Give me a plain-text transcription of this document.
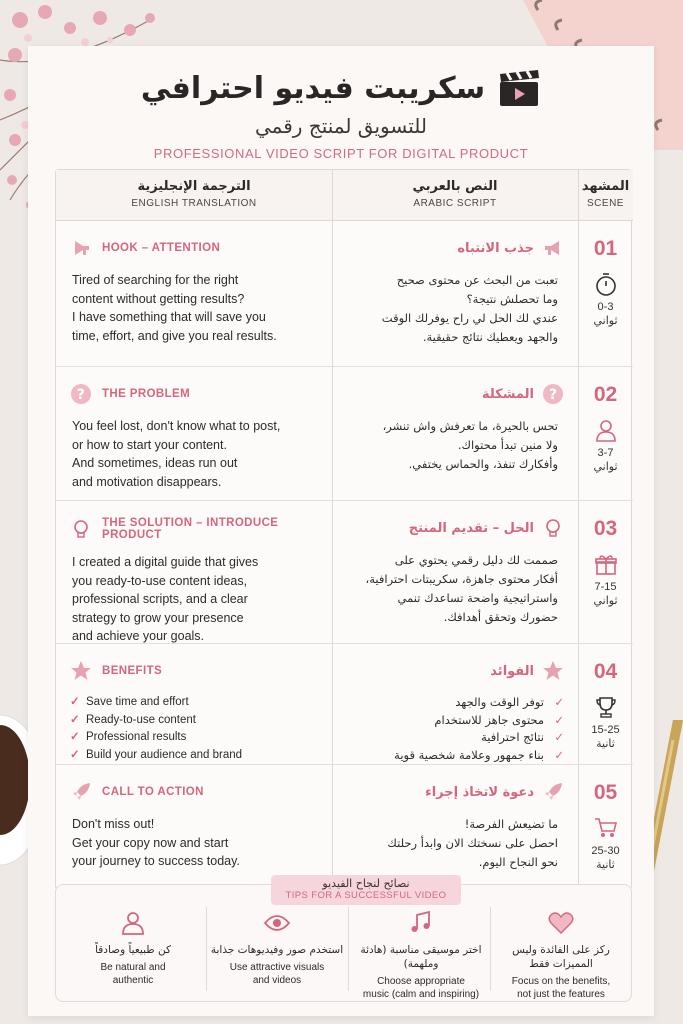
سكريبت فيديو احترافي
للتسويق لمنتج رقمي
PROFESSIONAL VIDEO SCRIPT FOR DIGITAL PRODUCT
المشهد
SCENE
النص بالعربي
ARABIC SCRIPT
الترجمة الإنجليزية
ENGLISH TRANSLATION
01
0-3
ثواني
جذب الانتباه
تعبت من البحث عن محتوى صحيح
وما تحصلش نتيجة؟
عندي لك الحل لي راح يوفرلك الوقت
والجهد ويعطيك نتائج حقيقية.
HOOK – ATTENTION
Tired of searching for the right
content without getting results?
I have something that will save you
time, effort, and give you real results.
02
3-7
ثواني
?
المشكلة
تحس بالحيرة، ما تعرفش واش تنشر،
ولا منين تبدأ محتواك.
وأفكارك تنفذ، والحماس يختفي.
? THE PROBLEM
You feel lost, don't know what to post,
or how to start your content.
And sometimes, ideas run out
and motivation disappears.
03
7-15
ثواني
الحل – تقديم المنتج
صممت لك دليل رقمي يحتوي على
أفكار محتوى جاهزة، سكريبتات احترافية،
واستراتيجية واضحة تساعدك تنمي
حضورك وتحقق أهدافك.
THE SOLUTION – INTRODUCE PRODUCT
I created a digital guide that gives
you ready-to-use content ideas,
professional scripts, and a clear
strategy to grow your presence
and achieve your goals.
04
15-25
ثانية
الفوائد
✓ توفر الوقت والجهد
✓ محتوى جاهز للاستخدام
✓ نتائج احترافية
✓ بناء جمهور وعلامة شخصية قوية
BENEFITS
✓ Save time and effort
✓ Ready-to-use content
✓ Professional results
✓ Build your audience and brand
05
25-30
ثانية
دعوة لاتخاذ إجراء
ما تضيعش الفرصة!
احصل على نسختك الان وابدأ رحلتك
نحو النجاح اليوم.
CALL TO ACTION
Don't miss out!
Get your copy now and start
your journey to success today.
نصائح لنجاح الفيديو
TIPS FOR A SUCCESSFUL VIDEO
ركز على الفائدة وليس المميزات فقط
Focus on the benefits,
not just the features
اختر موسيقى مناسبة (هادئة وملهمة)
Choose appropriate
music (calm and inspiring)
استخدم صور وفيديوهات جذابة
Use attractive visuals
and videos
كن طبيعياً وصادقاً
Be natural and
authentic
